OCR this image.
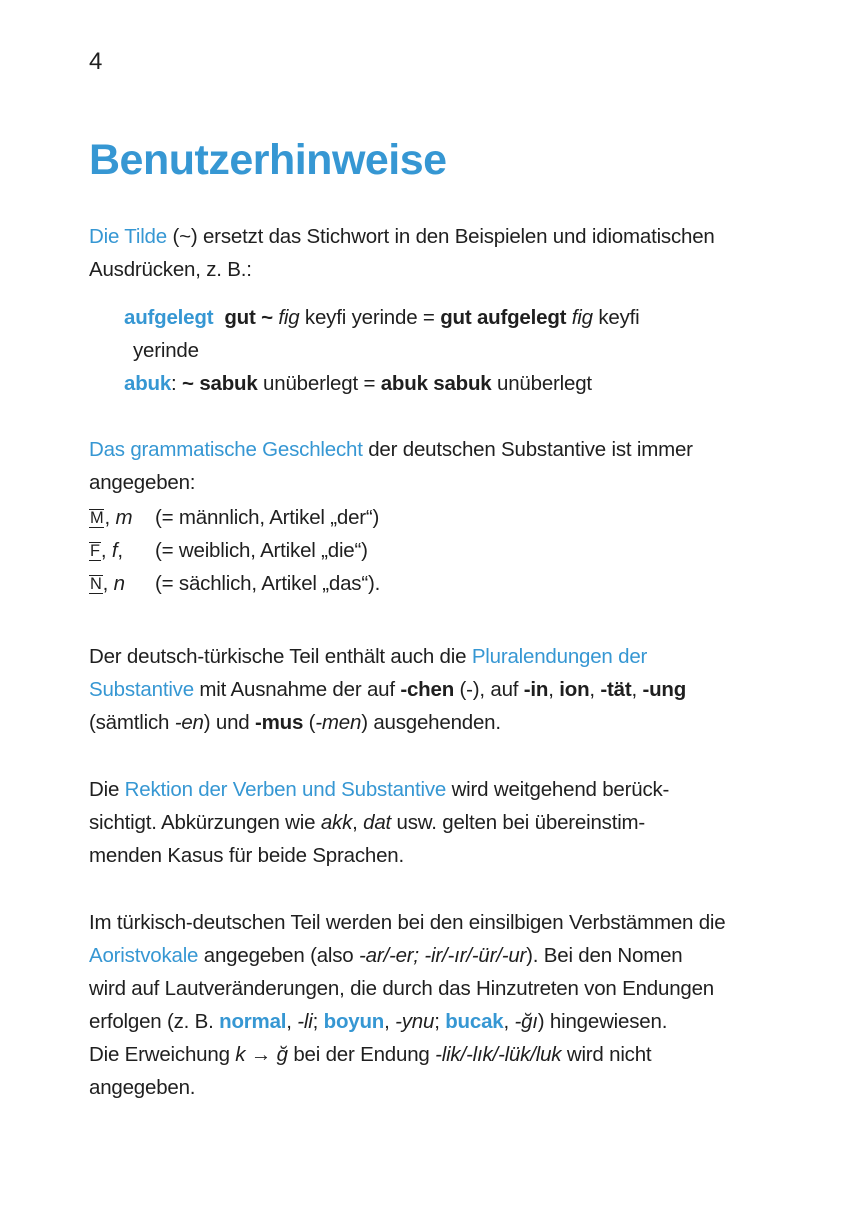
4
Benutzerhinweise
Die Tilde (~) ersetzt das Stichwort in den Beispielen und idiomatischen
Ausdrücken, z. B.:
aufgelegt gut ~ fig keyfi yerinde = gut aufgelegt fig keyfi
yerinde
abuk: ~ sabuk unüberlegt = abuk sabuk unüberlegt
Das grammatische Geschlecht der deutschen Substantive ist immer
angegeben:
M, m	(= männlich, Artikel „der“)
F, f,	(= weiblich, Artikel „die“)
N, n	(= sächlich, Artikel „das“).
Der deutsch-türkische Teil enthält auch die Pluralendungen der
Substantive mit Ausnahme der auf -chen (-), auf -in, ion, -tät, -ung
(sämtlich -en) und -mus (-men) ausgehenden.
Die Rektion der Verben und Substantive wird weitgehend berück-
sichtigt. Abkürzungen wie akk, dat usw. gelten bei übereinstim-
menden Kasus für beide Sprachen.
Im türkisch-deutschen Teil werden bei den einsilbigen Verbstämmen die
Aoristvokale angegeben (also -ar/-er; -ir/-ır/-ür/-ur). Bei den Nomen
wird auf Lautveränderungen, die durch das Hinzutreten von Endungen
erfolgen (z. B. normal, -li; boyun, -ynu; bucak, -ğı) hingewiesen.
Die Erweichung k → ğ bei der Endung -lik/-lık/-lük/luk wird nicht
angegeben.
